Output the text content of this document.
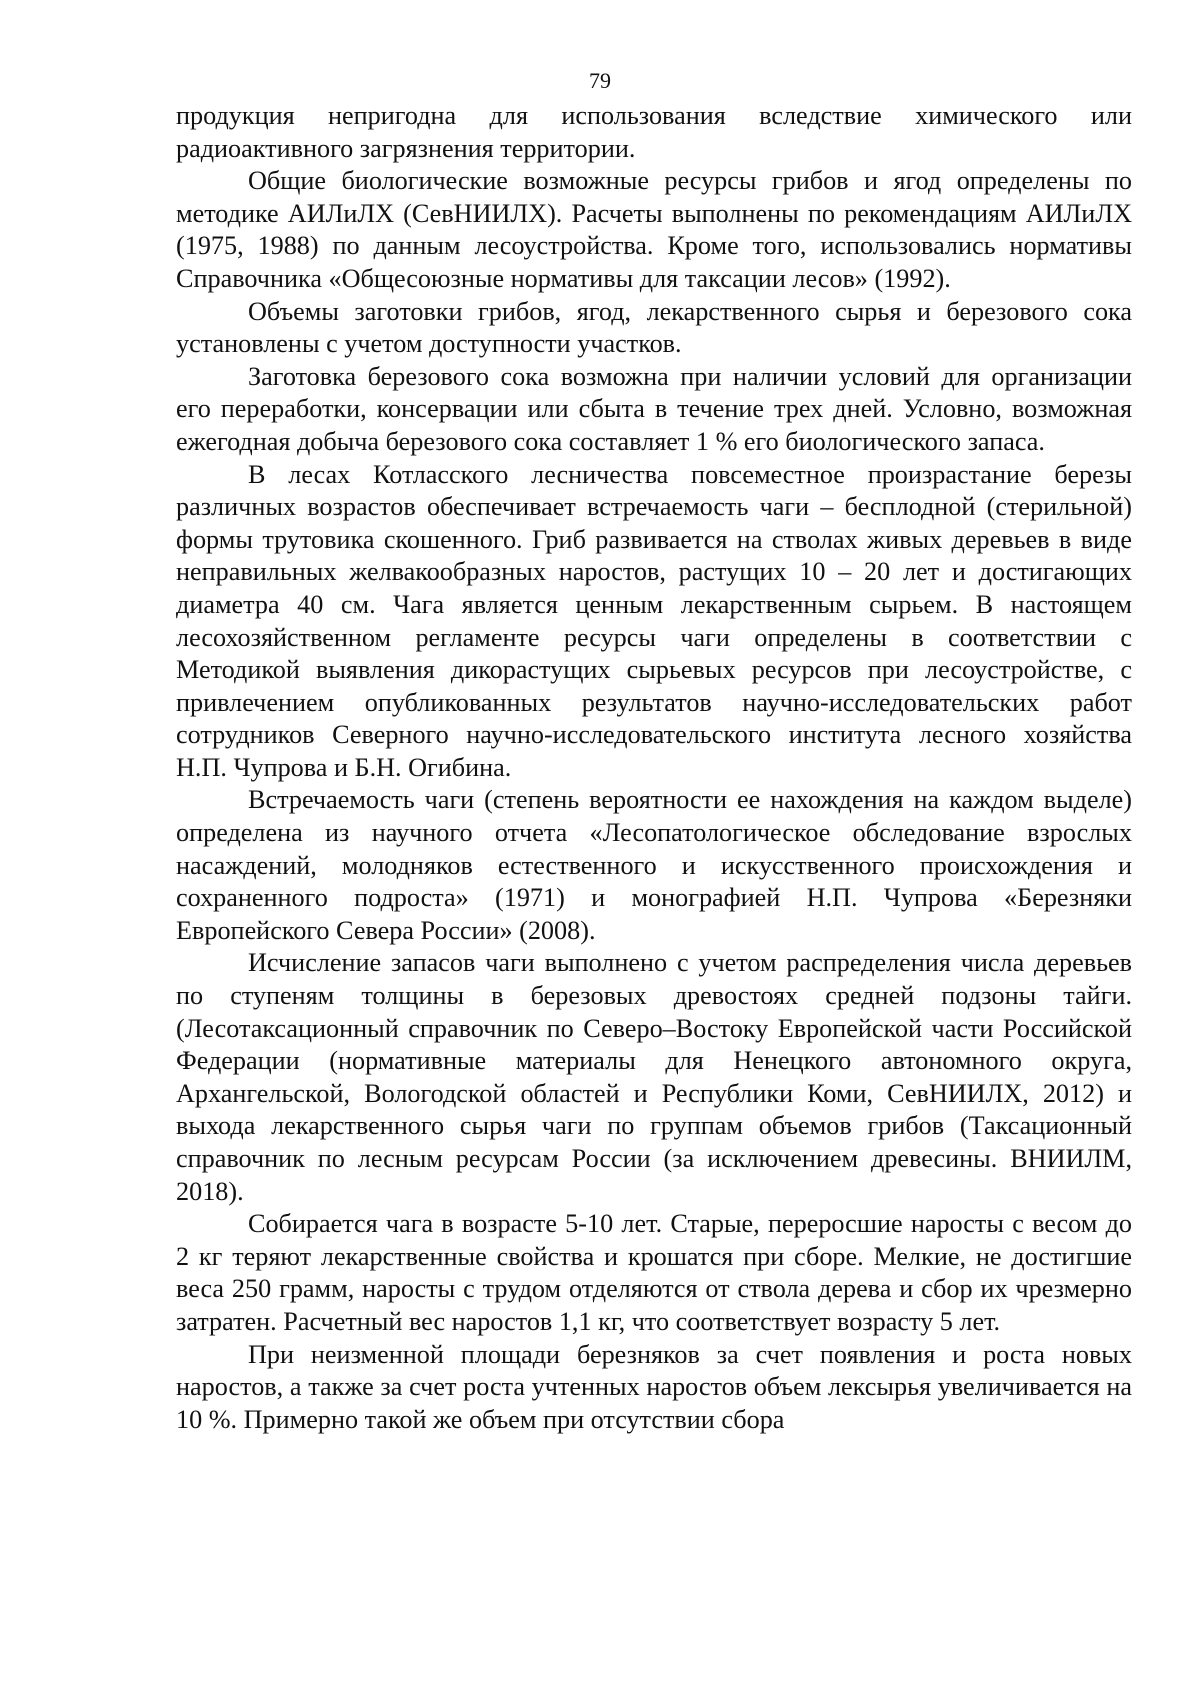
79

продукция непригодна для использования вследствие химического или радиоактивного загрязнения территории.

Общие биологические возможные ресурсы грибов и ягод определены по методике АИЛиЛХ (СевНИИЛХ). Расчеты выполнены по рекомендациям АИЛиЛХ (1975, 1988) по данным лесоустройства. Кроме того, использовались нормативы Справочника «Общесоюзные нормативы для таксации лесов» (1992).

Объемы заготовки грибов, ягод, лекарственного сырья и березового сока установлены с учетом доступности участков.

Заготовка березового сока возможна при наличии условий для организации его переработки, консервации или сбыта в течение трех дней. Условно, возможная ежегодная добыча березового сока составляет 1 % его биологического запаса.

В лесах Котласского лесничества повсеместное произрастание березы различных возрастов обеспечивает встречаемость чаги – бесплодной (стерильной) формы трутовика скошенного. Гриб развивается на стволах живых деревьев в виде неправильных желвакообразных наростов, растущих 10 – 20 лет и достигающих диаметра 40 см. Чага является ценным лекарственным сырьем. В настоящем лесохозяйственном регламенте ресурсы чаги определены в соответствии с Методикой выявления дикорастущих сырьевых ресурсов при лесоустройстве, с привлечением опубликованных результатов научно-исследовательских работ сотрудников Северного научно-исследовательского института лесного хозяйства Н.П. Чупрова и Б.Н. Огибина.

Встречаемость чаги (степень вероятности ее нахождения на каждом выделе) определена из научного отчета «Лесопатологическое обследование взрослых насаждений, молодняков естественного и искусственного происхождения и сохраненного подроста» (1971) и монографией Н.П. Чупрова «Березняки Европейского Севера России» (2008).

Исчисление запасов чаги выполнено с учетом распределения числа деревьев по ступеням толщины в березовых древостоях средней подзоны тайги. (Лесотаксационный справочник по Северо–Востоку Европейской части Российской Федерации (нормативные материалы для Ненецкого автономного округа, Архангельской, Вологодской областей и Республики Коми, СевНИИЛХ, 2012) и выхода лекарственного сырья чаги по группам объемов грибов (Таксационный справочник по лесным ресурсам России (за исключением древесины. ВНИИЛМ, 2018).

Собирается чага в возрасте 5-10 лет. Старые, переросшие наросты с весом до 2 кг теряют лекарственные свойства и крошатся при сборе. Мелкие, не достигшие веса 250 грамм, наросты с трудом отделяются от ствола дерева и сбор их чрезмерно затратен. Расчетный вес наростов 1,1 кг, что соответствует возрасту 5 лет.

При неизменной площади березняков за счет появления и роста новых наростов, а также за счет роста учтенных наростов объем лексырья увеличивается на 10 %. Примерно такой же объем при отсутствии сбора
